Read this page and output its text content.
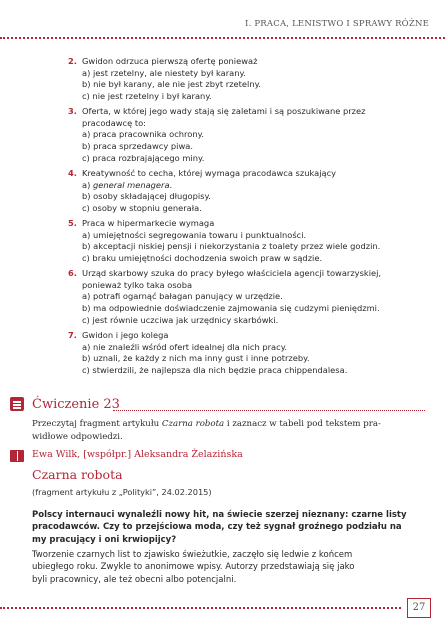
I. PRACA, LENISTWO I SPRAWY RÓŻNE
2. Gwidon odrzuca pierwszą ofertę ponieważ
a) jest rzetelny, ale niestety był karany.
b) nie był karany, ale nie jest zbyt rzetelny.
c) nie jest rzetelny i był karany.
3. Oferta, w której jego wady stają się zaletami i są poszukiwane przez
pracodawcę to:
a) praca pracownika ochrony.
b) praca sprzedawcy piwa.
c) praca rozbrajającego miny.
4. Kreatywność to cecha, której wymaga pracodawca szukający
a) general menagera.
b) osoby składającej długopisy.
c) osoby w stopniu generała.
5. Praca w hipermarkecie wymaga
a) umiejętności segregowania towaru i punktualności.
b) akceptacji niskiej pensji i niekorzystania z toalety przez wiele godzin.
c) braku umiejętności dochodzenia swoich praw w sądzie.
6. Urząd skarbowy szuka do pracy byłego właściciela agencji towarzyskiej,
ponieważ tylko taka osoba
a) potrafi ogarnąć bałagan panujący w urzędzie.
b) ma odpowiednie doświadczenie zajmowania się cudzymi pieniędzmi.
c) jest równie uczciwa jak urzędnicy skarbówki.
7. Gwidon i jego kolega
a) nie znaleźli wśród ofert idealnej dla nich pracy.
b) uznali, że każdy z nich ma inny gust i inne potrzeby.
c) stwierdzili, że najlepsza dla nich będzie praca chippendalesa.
Ćwiczenie 23
Przeczytaj fragment artykułu Czarna robota i zaznacz w tabeli pod tekstem pra-
widłowe odpowiedzi.
Ewa Wilk, [współpr.] Aleksandra Żelazińska
Czarna robota
(fragment artykułu z „Polityki”, 24.02.2015)
Polscy internauci wynaleźli nowy hit, na świecie szerzej nieznany: czarne listy
pracodawców. Czy to przejściowa moda, czy też sygnał groźnego podziału na
my pracujący i oni krwiopijcy?
Tworzenie czarnych list to zjawisko świeżutkie, zaczęło się ledwie z końcem
ubiegłego roku. Zwykle to anonimowe wpisy. Autorzy przedstawiają się jako
byli pracownicy, ale też obecni albo potencjalni.
27
